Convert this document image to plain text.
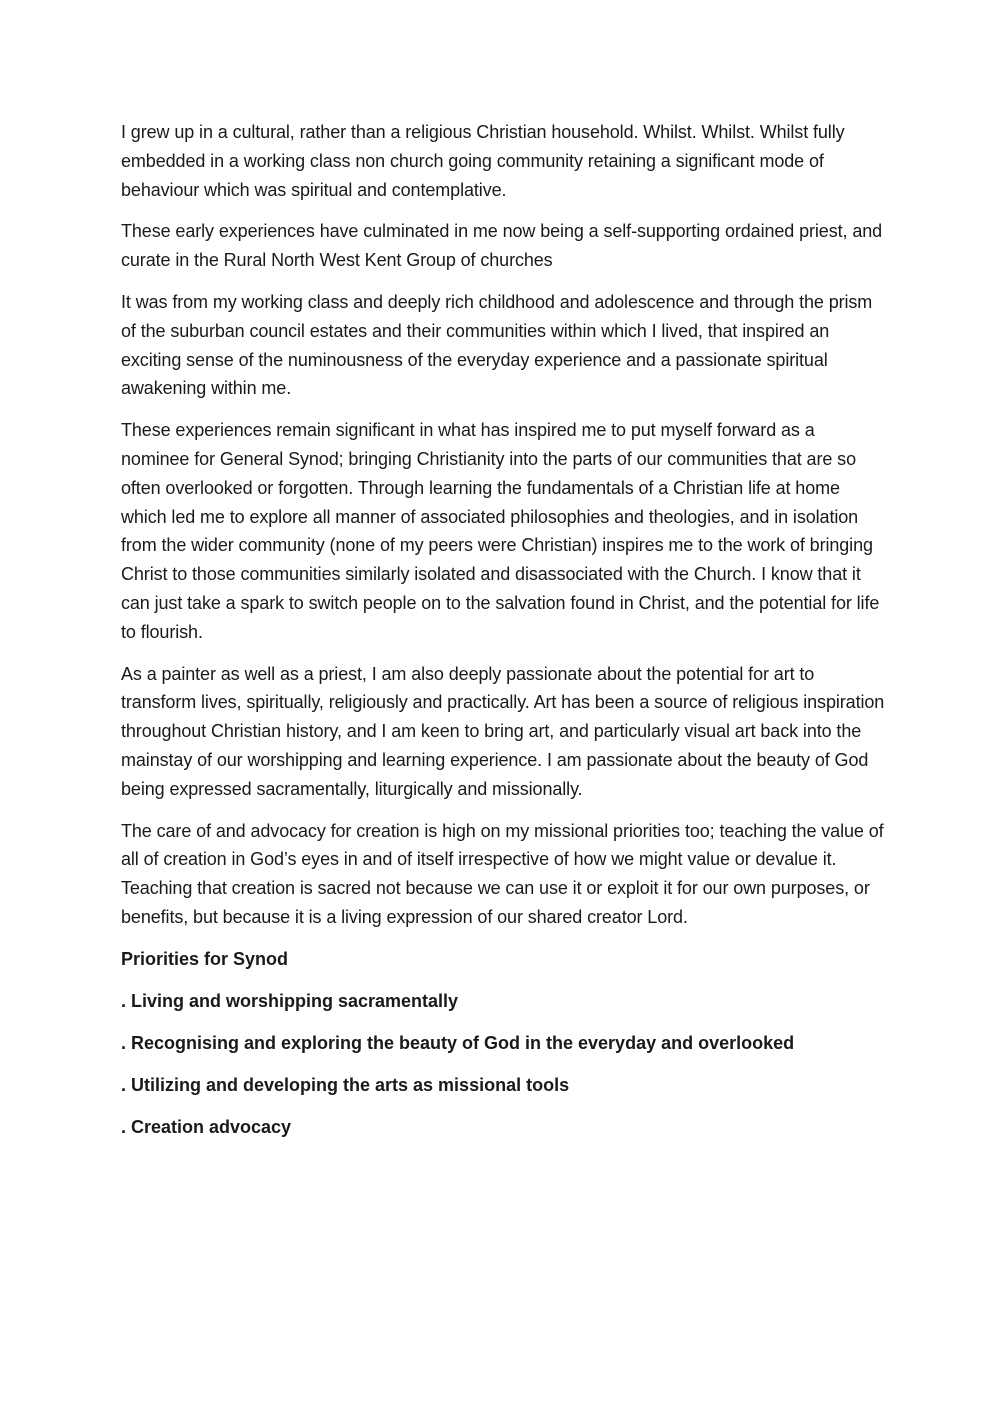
I grew up in a cultural, rather than a religious Christian household. Whilst. Whilst. Whilst fully embedded in a working class non church going community retaining a significant mode of behaviour which was spiritual and contemplative.

These early experiences have culminated in me now being a self-supporting ordained priest, and curate in the Rural North West Kent Group of churches

It was from my working class and deeply rich childhood and adolescence and through the prism of the suburban council estates and their communities within which I lived, that inspired an exciting sense of the numinousness of the everyday experience and a passionate spiritual awakening within me.

These experiences remain significant in what has inspired me to put myself forward as a nominee for General Synod; bringing Christianity into the parts of our communities that are so often overlooked or forgotten. Through learning the fundamentals of a Christian life at home which led me to explore all manner of associated philosophies and theologies, and in isolation from the wider community (none of my peers were Christian) inspires me to the work of bringing Christ to those communities similarly isolated and disassociated with the Church. I know that it can just take a spark to switch people on to the salvation found in Christ, and the potential for life to flourish.

As a painter as well as a priest, I am also deeply passionate about the potential for art to transform lives, spiritually, religiously and practically. Art has been a source of religious inspiration throughout Christian history, and I am keen to bring art, and particularly visual art back into the mainstay of our worshipping and learning experience. I am passionate about the beauty of God being expressed sacramentally, liturgically and missionally.

The care of and advocacy for creation is high on my missional priorities too; teaching the value of all of creation in God’s eyes in and of itself irrespective of how we might value or devalue it. Teaching that creation is sacred not because we can use it or exploit it for our own purposes, or benefits, but because it is a living expression of our shared creator Lord.

Priorities for Synod

. Living and worshipping sacramentally

. Recognising and exploring the beauty of God in the everyday and overlooked

. Utilizing and developing the arts as missional tools

. Creation advocacy
